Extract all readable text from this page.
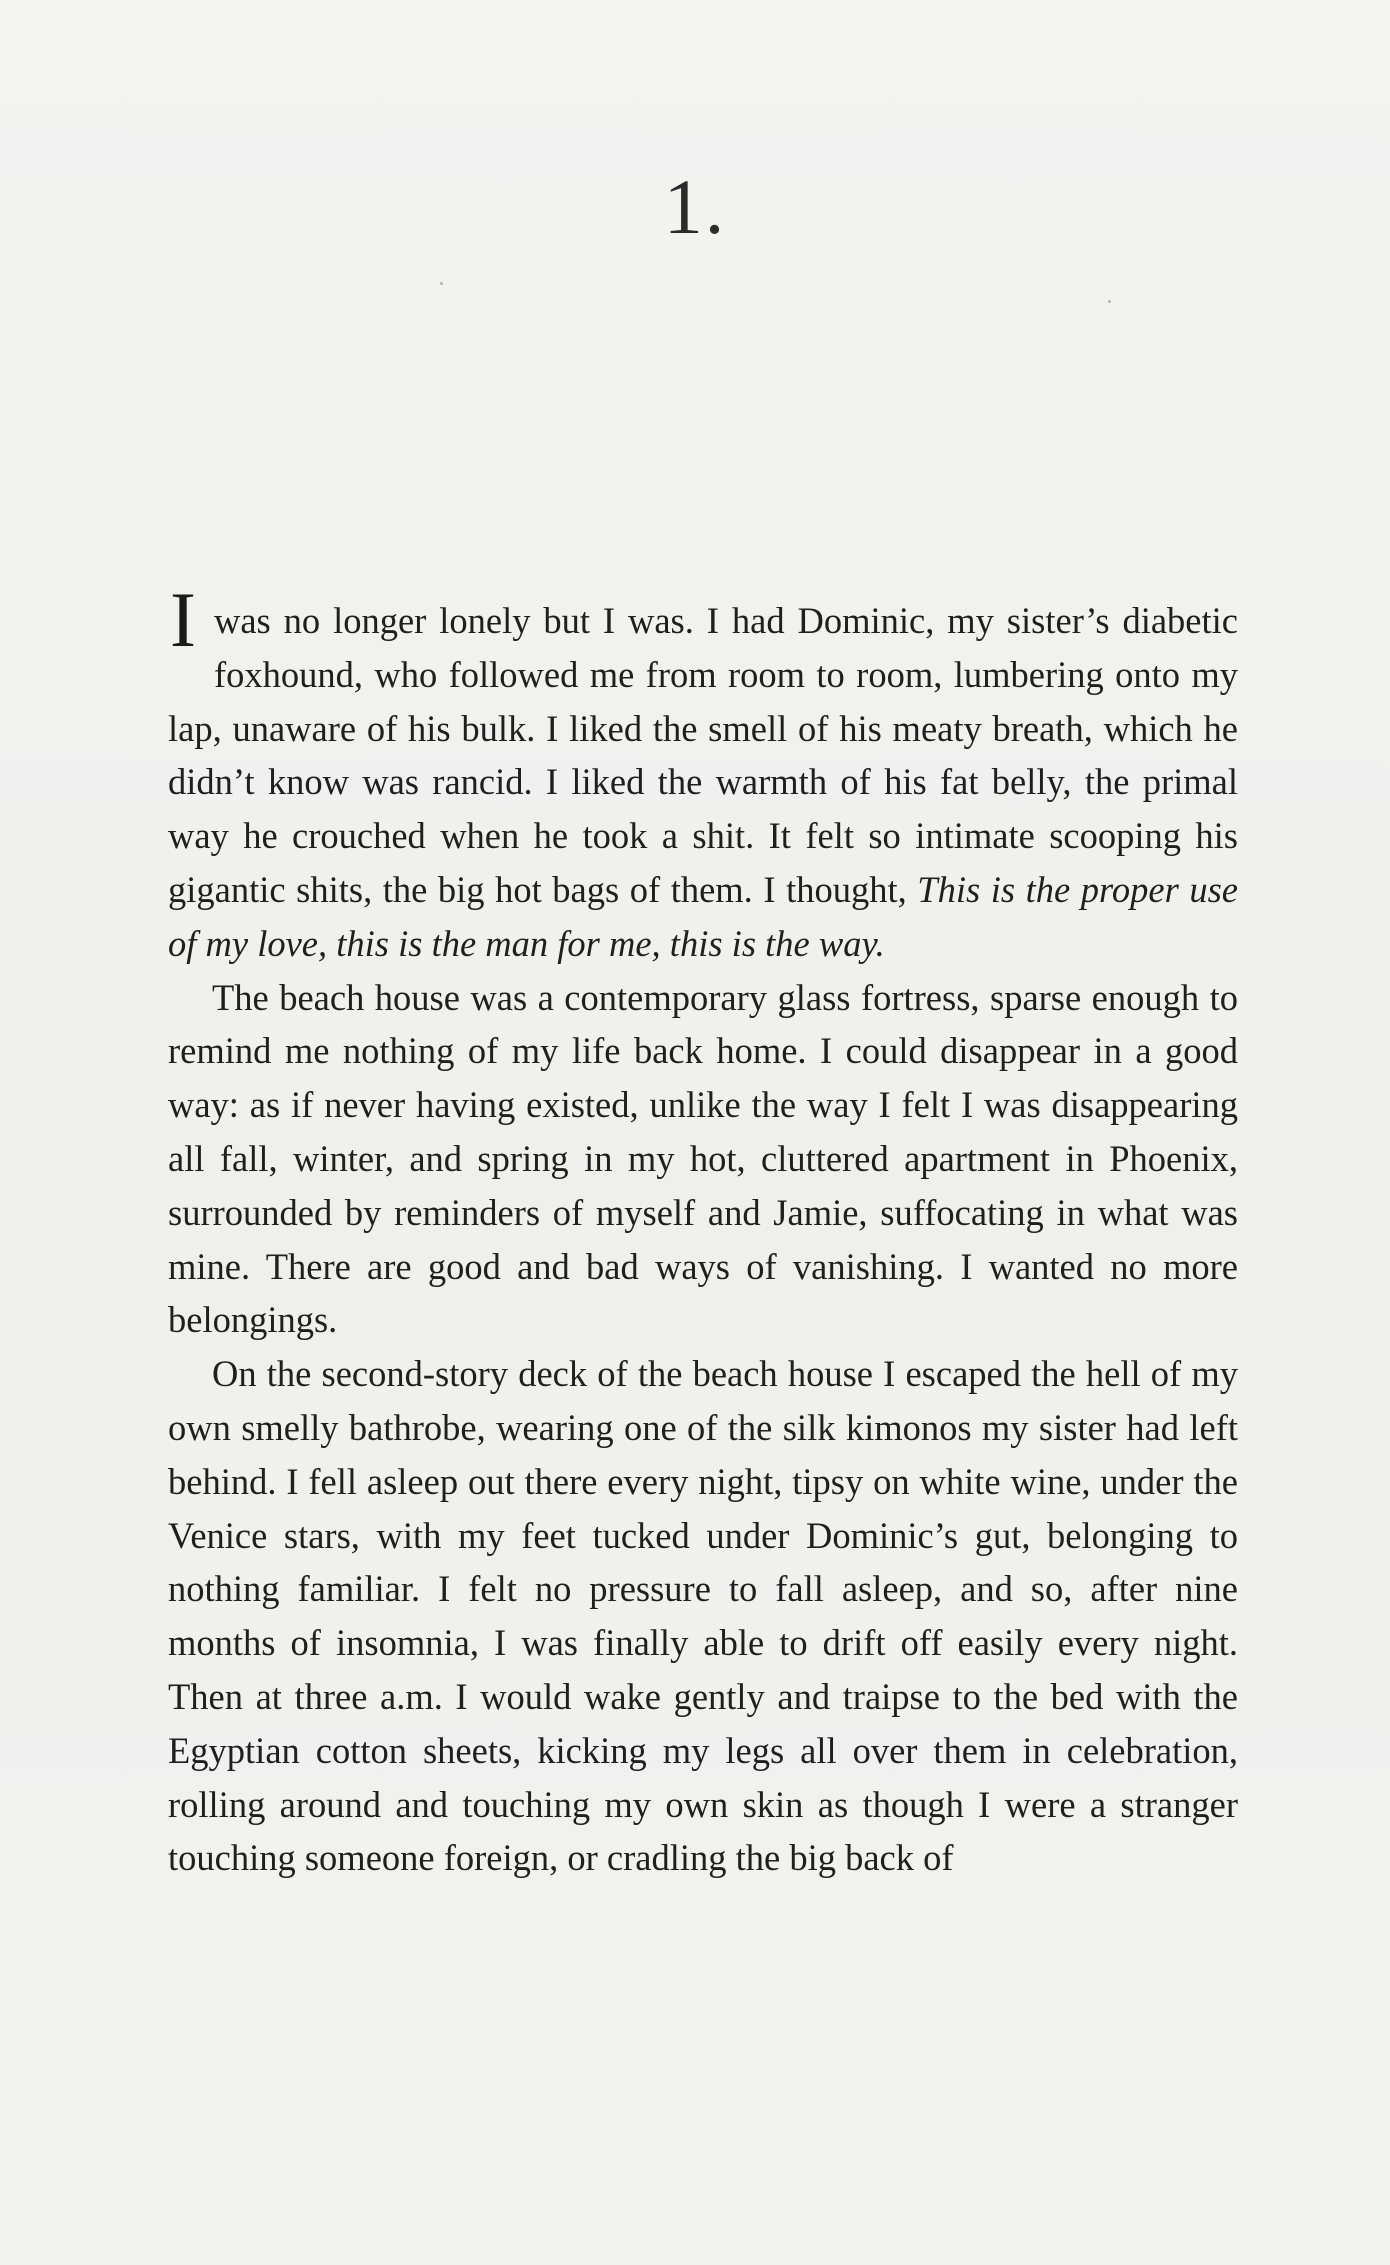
1.

I was no longer lonely but I was. I had Dominic, my sister’s diabetic foxhound, who followed me from room to room, lumbering onto my lap, unaware of his bulk. I liked the smell of his meaty breath, which he didn’t know was rancid. I liked the warmth of his fat belly, the primal way he crouched when he took a shit. It felt so intimate scooping his gigantic shits, the big hot bags of them. I thought, This is the proper use of my love, this is the man for me, this is the way.

The beach house was a contemporary glass fortress, sparse enough to remind me nothing of my life back home. I could disappear in a good way: as if never having existed, unlike the way I felt I was disappearing all fall, winter, and spring in my hot, cluttered apartment in Phoenix, surrounded by reminders of myself and Jamie, suffocating in what was mine. There are good and bad ways of vanishing. I wanted no more belongings.

On the second-story deck of the beach house I escaped the hell of my own smelly bathrobe, wearing one of the silk kimonos my sister had left behind. I fell asleep out there every night, tipsy on white wine, under the Venice stars, with my feet tucked under Dominic’s gut, belonging to nothing familiar. I felt no pressure to fall asleep, and so, after nine months of insomnia, I was finally able to drift off easily every night. Then at three a.m. I would wake gently and traipse to the bed with the Egyptian cotton sheets, kicking my legs all over them in celebration, rolling around and touching my own skin as though I were a stranger touching someone foreign, or cradling the big back of
